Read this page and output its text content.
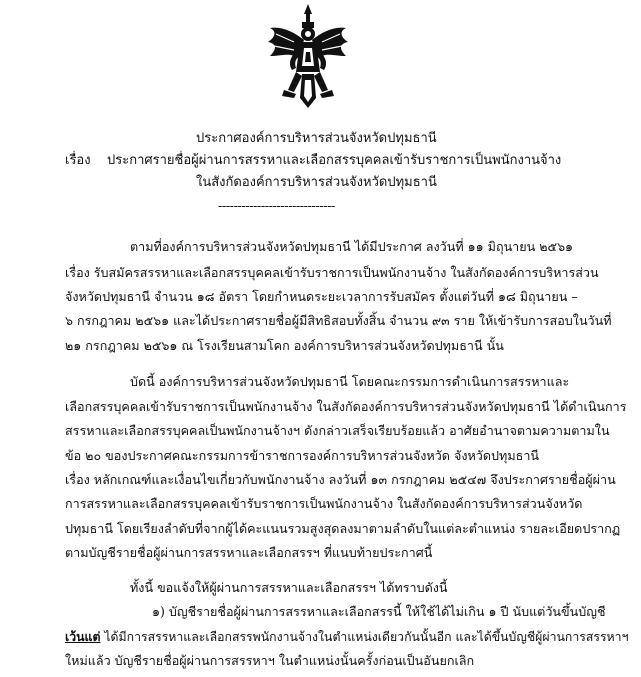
ประกาศองค์การบริหารส่วนจังหวัดปทุมธานี
เรื่อง ประกาศรายชื่อผู้ผ่านการสรรหาและเลือกสรรบุคคลเข้ารับราชการเป็นพนักงานจ้าง
ในสังกัดองค์การบริหารส่วนจังหวัดปทุมธานี
------------------------------
ตามที่องค์การบริหารส่วนจังหวัดปทุมธานี ได้มีประกาศ ลงวันที่ ๑๑ มิถุนายน ๒๕๖๑
เรื่อง รับสมัครสรรหาและเลือกสรรบุคคลเข้ารับราชการเป็นพนักงานจ้าง ในสังกัดองค์การบริหารส่วน
จังหวัดปทุมธานี จำนวน ๑๘ อัตรา โดยกำหนดระยะเวลาการรับสมัคร ตั้งแต่วันที่ ๑๘ มิถุนายน –
๖ กรกฎาคม ๒๕๖๑ และได้ประกาศรายชื่อผู้มีสิทธิสอบทั้งสิ้น จำนวน ๙๓ ราย ให้เข้ารับการสอบในวันที่
๒๑ กรกฎาคม ๒๕๖๑ ณ โรงเรียนสามโคก องค์การบริหารส่วนจังหวัดปทุมธานี นั้น
บัดนี้ องค์การบริหารส่วนจังหวัดปทุมธานี โดยคณะกรรมการดำเนินการสรรหาและ
เลือกสรรบุคคลเข้ารับราชการเป็นพนักงานจ้าง ในสังกัดองค์การบริหารส่วนจังหวัดปทุมธานี ได้ดำเนินการ
สรรหาและเลือกสรรบุคคลเป็นพนักงานจ้างฯ ดังกล่าวเสร็จเรียบร้อยแล้ว อาศัยอำนาจตามความตามใน
ข้อ ๒๐ ของประกาศคณะกรรมการข้าราชการองค์การบริหารส่วนจังหวัด จังหวัดปทุมธานี
เรื่อง หลักเกณฑ์และเงื่อนไขเกี่ยวกับพนักงานจ้าง ลงวันที่ ๑๓ กรกฎาคม ๒๕๔๗ จึงประกาศรายชื่อผู้ผ่าน
การสรรหาและเลือกสรรบุคคลเข้ารับราชการเป็นพนักงานจ้าง ในสังกัดองค์การบริหารส่วนจังหวัด
ปทุมธานี โดยเรียงลำดับที่จากผู้ได้คะแนนรวมสูงสุดลงมาตามลำดับในแต่ละตำแหน่ง รายละเอียดปรากฏ
ตามบัญชีรายชื่อผู้ผ่านการสรรหาและเลือกสรรฯ ที่แนบท้ายประกาศนี้
ทั้งนี้ ขอแจ้งให้ผู้ผ่านการสรรหาและเลือกสรรฯ ได้ทราบดังนี้
๑) บัญชีรายชื่อผู้ผ่านการสรรหาและเลือกสรรนี้ ให้ใช้ได้ไม่เกิน ๑ ปี นับแต่วันขึ้นบัญชี
เว้นแต่ ได้มีการสรรหาและเลือกสรรพนักงานจ้างในตำแหน่งเดียวกันนั้นอีก และได้ขึ้นบัญชีผู้ผ่านการสรรหาฯ
ใหม่แล้ว บัญชีรายชื่อผู้ผ่านการสรรหาฯ ในตำแหน่งนั้นครั้งก่อนเป็นอันยกเลิก
